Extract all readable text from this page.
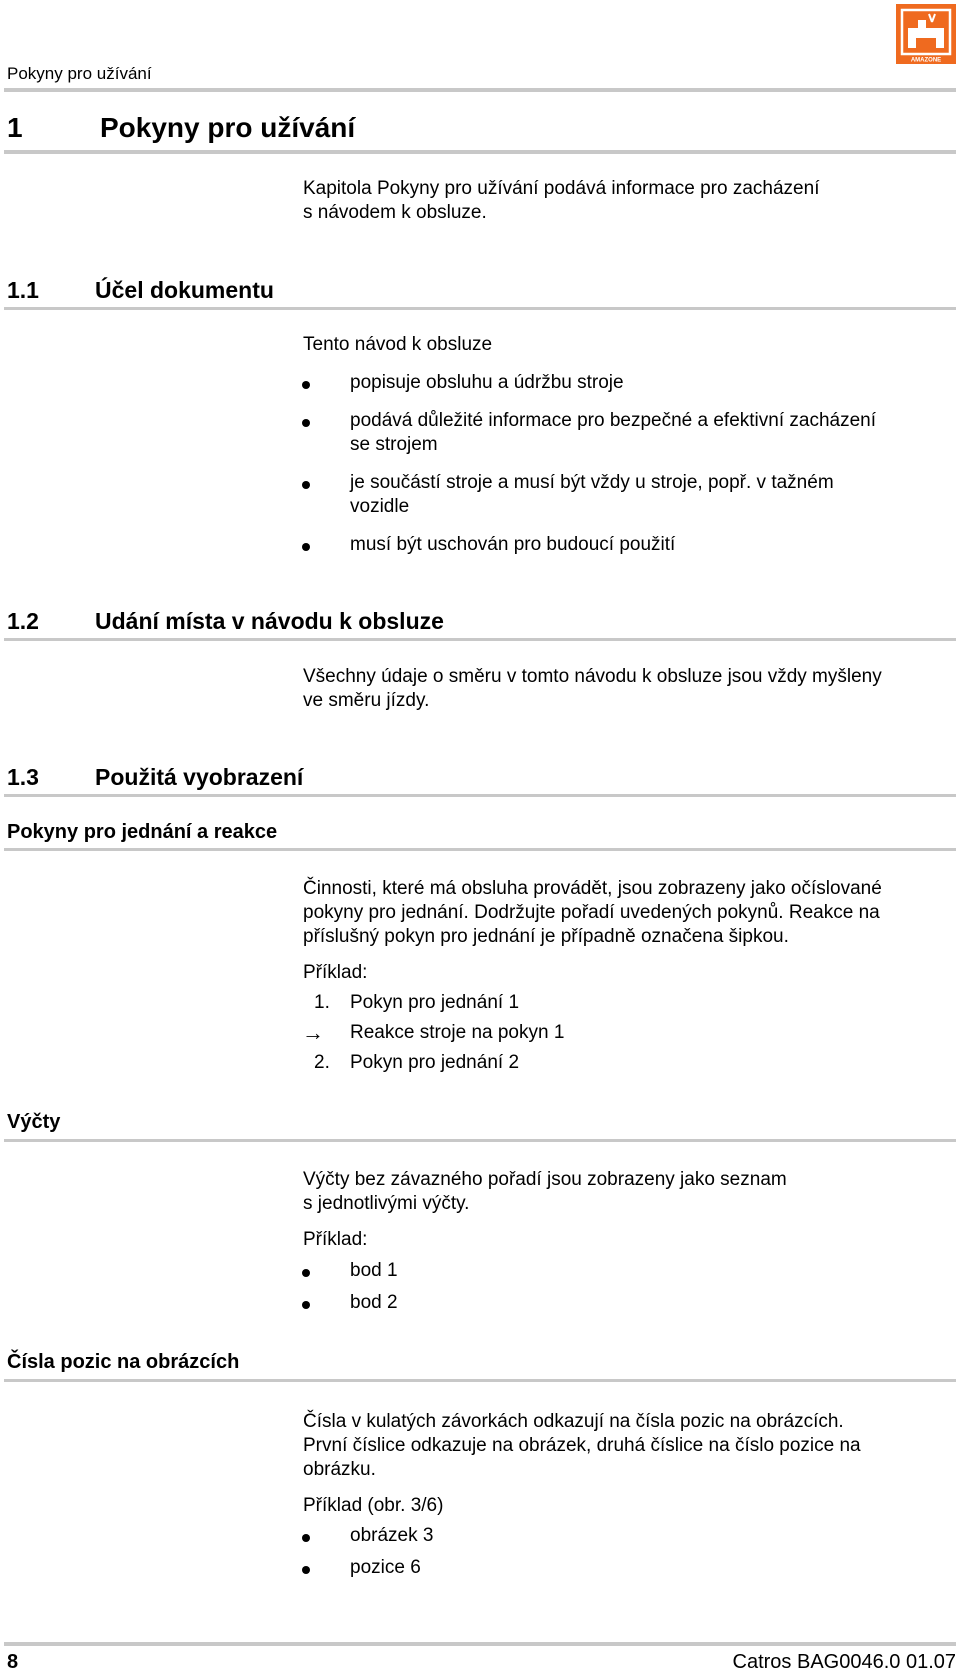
Pokyny pro užívání
AMAZONE
1	Pokyny pro užívání
Kapitola Pokyny pro užívání podává informace pro zacházení
s návodem k obsluze.
1.1 Účel dokumentu
Tento návod k obsluze
popisuje obsluhu a údržbu stroje
podává důležité informace pro bezpečné a efektivní zacházení
se strojem
je součástí stroje a musí být vždy u stroje, popř. v tažném
vozidle
musí být uschován pro budoucí použití
1.2 Udání místa v návodu k obsluze
Všechny údaje o směru v tomto návodu k obsluze jsou vždy myšleny
ve směru jízdy.
1.3 Použitá vyobrazení
Pokyny pro jednání a reakce
Činnosti, které má obsluha provádět, jsou zobrazeny jako očíslované
pokyny pro jednání. Dodržujte pořadí uvedených pokynů. Reakce na
příslušný pokyn pro jednání je případně označena šipkou.
Příklad:
1. Pokyn pro jednání 1
→ Reakce stroje na pokyn 1
2. Pokyn pro jednání 2
Výčty
Výčty bez závazného pořadí jsou zobrazeny jako seznam
s jednotlivými výčty.
Příklad:
bod 1
bod 2
Čísla pozic na obrázcích
Čísla v kulatých závorkách odkazují na čísla pozic na obrázcích.
První číslice odkazuje na obrázek, druhá číslice na číslo pozice na
obrázku.
Příklad (obr. 3/6)
obrázek 3
pozice 6
8	Catros BAG0046.0 01.07
